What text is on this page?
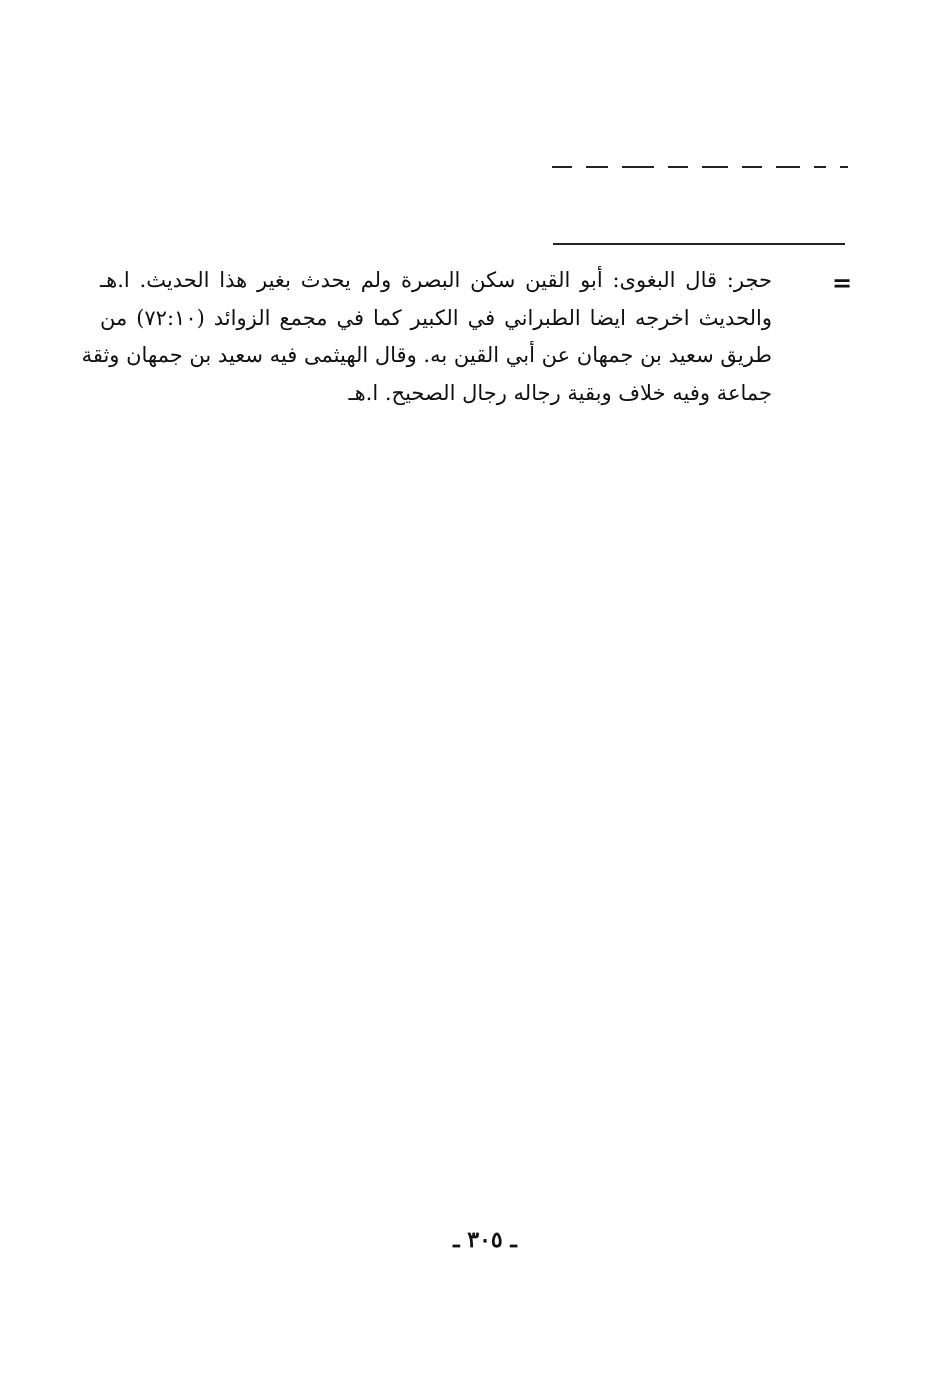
=
حجر: قال البغوى: أبو القين سكن البصرة ولم يحدث بغير هذا الحديث. ا.هـ
والحديث اخرجه ايضا الطبراني في الكبير كما في مجمع الزوائد (٧٢:١٠) من
طريق سعيد بن جمهان عن أبي القين به. وقال الهيثمى فيه سعيد بن جمهان وثقة
جماعة وفيه خلاف وبقية رجاله رجال الصحيح. ا.هـ
ـ ٣٠٥ ـ
